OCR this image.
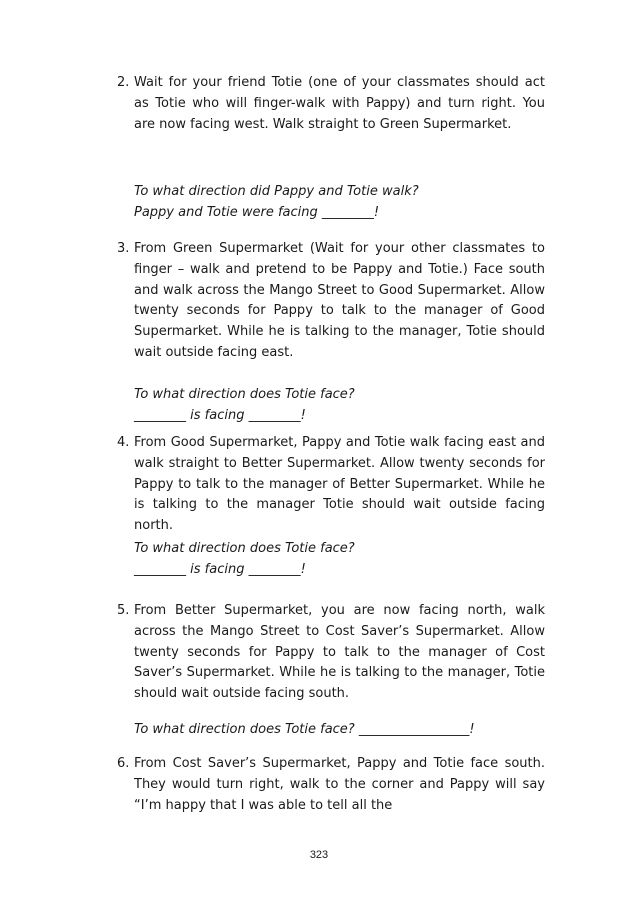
2. Wait for your friend Totie (one of your classmates should act as Totie who will finger-walk with Pappy) and turn right. You are now facing west. Walk straight to Green Supermarket.
To what direction did Pappy and Totie walk?
Pappy and Totie were facing ________!
3. From Green Supermarket (Wait for your other classmates to finger – walk and pretend to be Pappy and Totie.) Face south and walk across the Mango Street to Good Supermarket. Allow twenty seconds for Pappy to talk to the manager of Good Supermarket. While he is talking to the manager, Totie should wait outside facing east.
To what direction does Totie face?
________ is facing ________!
4. From Good Supermarket, Pappy and Totie walk facing east and walk straight to Better Supermarket. Allow twenty seconds for Pappy to talk to the manager of Better Supermarket. While he is talking to the manager Totie should wait outside facing north.
To what direction does Totie face?
________ is facing ________!
5. From Better Supermarket, you are now facing north, walk across the Mango Street to Cost Saver’s Supermarket. Allow twenty seconds for Pappy to talk to the manager of Cost Saver’s Supermarket. While he is talking to the manager, Totie should wait outside facing south.
To what direction does Totie face? _________________!
6. From Cost Saver’s Supermarket, Pappy and Totie face south. They would turn right, walk to the corner and Pappy will say “I’m happy that I was able to tell all the
323
